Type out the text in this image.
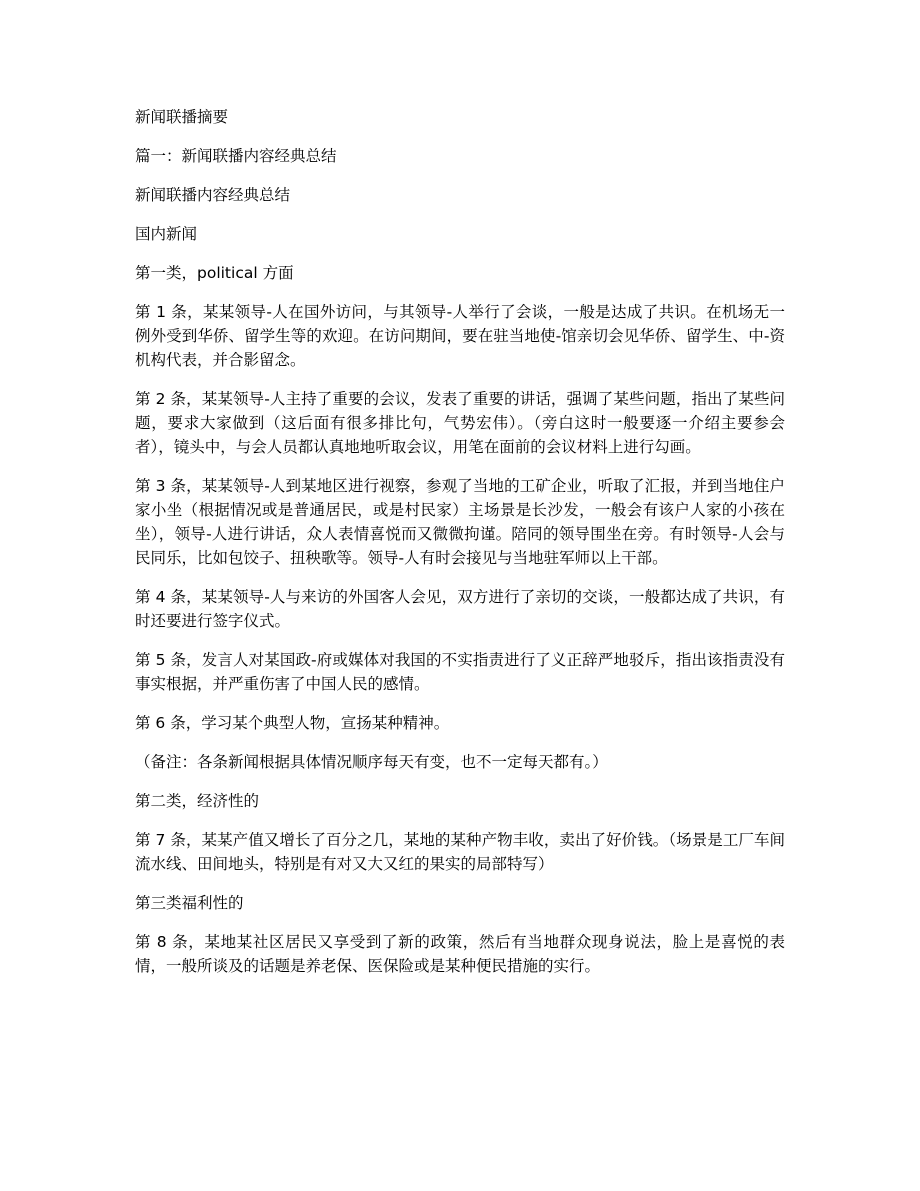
新闻联播摘要

篇一：新闻联播内容经典总结

新闻联播内容经典总结

国内新闻

第一类，political 方面

第 1 条，某某领导-人在国外访问，与其领导-人举行了会谈，一般是达成了共识。在机场无一例外受到华侨、留学生等的欢迎。在访问期间，要在驻当地使-馆亲切会见华侨、留学生、中-资机构代表，并合影留念。

第 2 条，某某领导-人主持了重要的会议，发表了重要的讲话，强调了某些问题，指出了某些问题，要求大家做到（这后面有很多排比句，气势宏伟）。（旁白这时一般要逐一介绍主要参会者），镜头中，与会人员都认真地地听取会议，用笔在面前的会议材料上进行勾画。

第 3 条，某某领导-人到某地区进行视察，参观了当地的工矿企业，听取了汇报，并到当地住户家小坐（根据情况或是普通居民，或是村民家）主场景是长沙发，一般会有该户人家的小孩在坐），领导-人进行讲话，众人表情喜悦而又微微拘谨。陪同的领导围坐在旁。有时领导-人会与民同乐，比如包饺子、扭秧歌等。领导-人有时会接见与当地驻军师以上干部。

第 4 条，某某领导-人与来访的外国客人会见，双方进行了亲切的交谈，一般都达成了共识，有时还要进行签字仪式。

第 5 条，发言人对某国政-府或媒体对我国的不实指责进行了义正辞严地驳斥，指出该指责没有事实根据，并严重伤害了中国人民的感情。

第 6 条，学习某个典型人物，宣扬某种精神。

（备注：各条新闻根据具体情况顺序每天有变，也不一定每天都有。）

第二类，经济性的

第 7 条，某某产值又增长了百分之几，某地的某种产物丰收，卖出了好价钱。（场景是工厂车间流水线、田间地头，特别是有对又大又红的果实的局部特写）

第三类福利性的

第 8 条，某地某社区居民又享受到了新的政策，然后有当地群众现身说法，脸上是喜悦的表情，一般所谈及的话题是养老保、医保险或是某种便民措施的实行。
